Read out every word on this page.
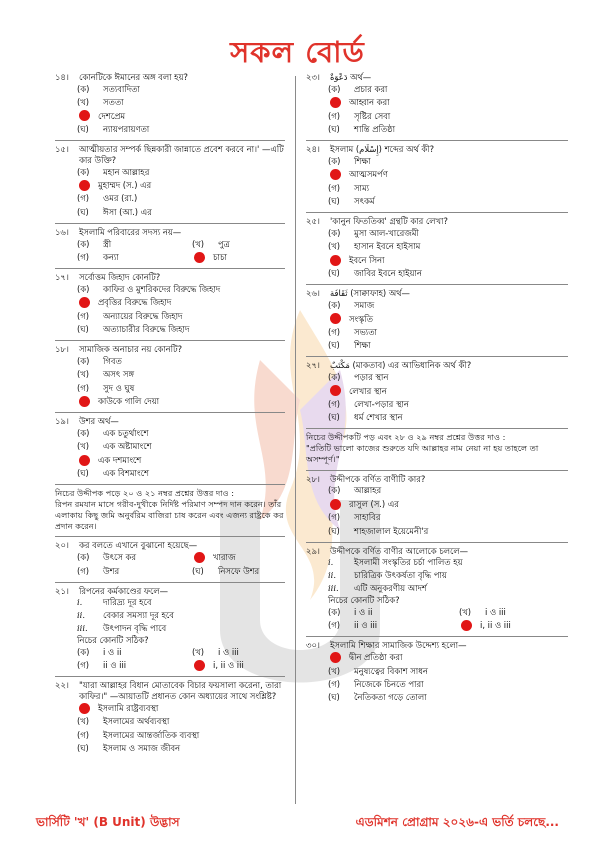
সকল বোর্ড
১৪।	কোনটিকে ঈমানের অঙ্গ বলা হয়?
(ক)	সত্যবাদিতা
(খ)	সততা
দেশপ্রেম
(ঘ)	ন্যায়পরায়ণতা
১৫।	আত্মীয়তার সম্পর্ক ছিন্নকারী জান্নাতে প্রবেশ করবে না।' —এটি কার উক্তি?
(ক)	মহান আল্লাহর
মুহাম্মদ (স.) এর
(গ)	ওমর (রা.)
(ঘ)	ঈসা (আ.) এর
১৬।	ইসলামি পরিবারের সদস্য নয়—
(ক)	স্ত্রী	(খ)	পুত্র
(গ)	কন্যা	চাচা
১৭।	সর্বোত্তম জিহাদ কোনটি?
(ক)	কাফির ও মুশরিকদের বিরুদ্ধে জিহাদ
প্রবৃত্তির বিরুদ্ধে জিহাদ
(গ)	অন্যায়ের বিরুদ্ধে জিহাদ
(ঘ)	অত্যাচারীর বিরুদ্ধে জিহাদ
১৮।	সামাজিক অনাচার নয় কোনটি?
(ক)	গিবত
(খ)	অসৎ সঙ্গ
(গ)	সুদ ও ঘুষ
কাউকে গালি দেয়া
১৯।	উশর অর্থ—
(ক)	এক চতুর্থাংশে
(খ)	এক অষ্টামাংশে
এক দশমাংশে
(ঘ)	এক বিশমাংশে
নিচের উদ্দীপক পড়ে ২০ ও ২১ নম্বর প্রশ্নের উত্তর দাও :
রিপন রমযান মাসে গরীব-দুখীকে নির্দিষ্ট পরিমাণ সম্পদ দান করেন। তাঁর এলাকায় কিছু জমি অনুর্বরিম বাজিরা চাষ করেন এবং এজন্য রাষ্ট্রকে কর প্রদান করেন।
২০।	কর বলতে এখানে বুঝানো হয়েছে—
(ক)	উৎসে কর	খারাজ
(গ)	উশর	(ঘ)	নিসফে উশর
২১।	রিপনের কর্মকাণ্ডের ফলে—
i.	দারিদ্র্য দূর হবে
ii.	বেকার সমস্যা দূর হবে
iii.	উৎপাদন বৃদ্ধি পাবে
নিচের কোনটি সঠিক?
(ক)	i ও ii	(খ)	i ও iii
(গ)	ii ও iii	i, ii ও iii
২২।	"যারা আল্লাহর বিধান মোতাবেক বিচার ফয়সালা করেনা, তারা কাফির।" —আয়াতটি প্রধানত কোন অধ্যায়ের সাথে সংশ্লিষ্ট?
ইসলামি রাষ্ট্রব্যবস্থা
(খ)	ইসলামের অর্থব্যবস্থা
(গ)	ইসলামের আন্তর্জাতিক ব্যবস্থা
(ঘ)	ইসলাম ও সমাজ জীবন
২৩।	دَعْوَةٌ অর্থ—
(ক)	প্রচার করা
আহ্বান করা
(গ)	সৃষ্টির সেবা
(ঘ)	শান্তি প্রতিষ্ঠা
২৪।	ইসলাম (إِسْلَام) শব্দের অর্থ কী?
(ক)	শিক্ষা
আত্মসমর্পণ
(গ)	সাম্য
(ঘ)	সৎকর্ম
২৫।	'কানুন ফিততিব্ব' গ্রন্থটি কার লেখা?
(ক)	মুসা আল-খারেজমী
(খ)	হাসান ইবনে হাইসাম
ইবনে সিনা
(ঘ)	জাবির ইবনে হাইয়ান
২৬।	ثَقَافَة (সাক্বাফাহ) অর্থ—
(ক)	সমাজ
সংস্কৃতি
(গ)	সভ্যতা
(ঘ)	শিক্ষা
২৭।	مَكْتَبٌ (মাকতাব) এর আভিধানিক অর্থ কী?
(ক)	পড়ার স্থান
লেখার স্থান
(গ)	লেখা-পড়ার স্থান
(ঘ)	ধর্ম শেখার স্থান
নিচের উদ্দীপকটি পড় এবং ২৮ ও ২৯ নম্বর প্রশ্নের উত্তর দাও :
"প্রতিটি ভালো কাজের শুরুতে যদি আল্লাহর নাম নেয়া না হয় তাহলে তা অসম্পূর্ণ।"
২৮।	উদ্দীপকে বর্ণিত বাণীটি কার?
(ক)	আল্লাহর
রাসুল (স.) এর
(গ)	সাহাবির
(ঘ)	শাহজালাল ইয়েমেনী'র
২৯।	উদ্দীপকে বর্ণিত বাণীর আলোকে চললে—
i.	ইসলামী সংস্কৃতির চর্চা পালিত হয়
ii.	চারিত্রিক উৎকর্ষতা বৃদ্ধি পায়
iii.	এটি অনুকরণীয় আদর্শ
নিচের কোনটি সঠিক?
(ক)	i ও ii	(খ)	i ও iii
(গ)	ii ও iii	i, ii ও iii
৩০।	ইসলামি শিক্ষার সামাজিক উদ্দেশ্য হলো—
দ্বীন প্রতিষ্ঠা করা
(খ)	মনুষ্যত্বের বিকাশ সাধন
(গ)	নিজেকে চিনতে পারা
(ঘ)	নৈতিকতা গড়ে তোলা
ভার্সিটি 'খ' (B Unit) উদ্ভাস	এডমিশন প্রোগ্রাম ২০২৬-এ ভর্তি চলছে...
